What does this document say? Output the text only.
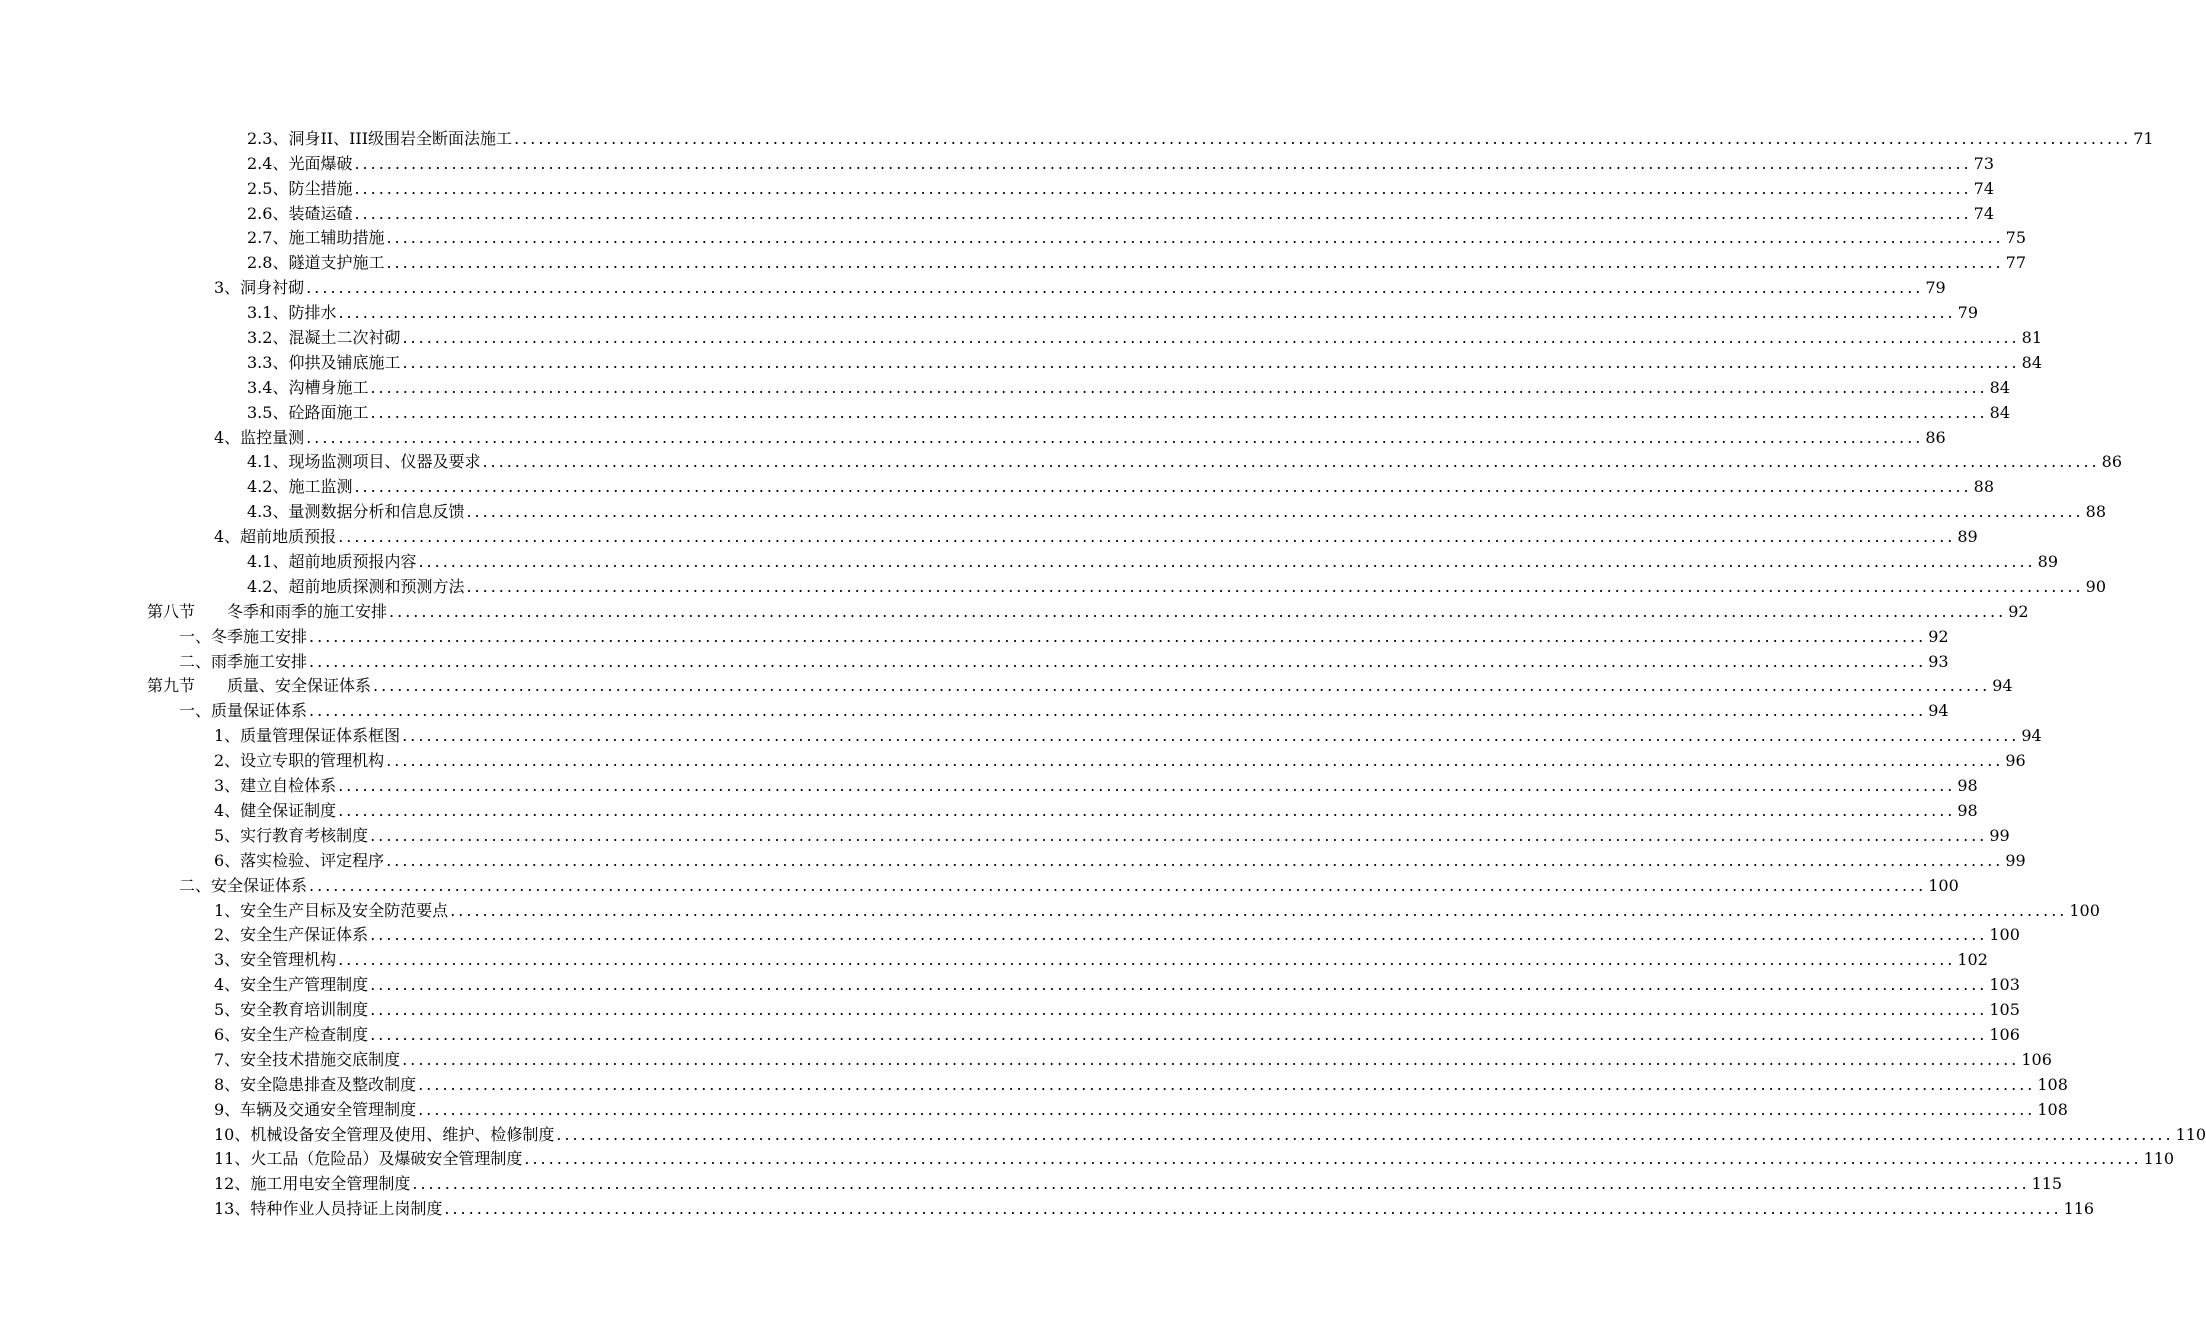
2.3、洞身II、III级围岩全断面法施工 ........................................................................................................................................................................................................ 71
2.4、光面爆破 ........................................................................................................................................................................................................ 73
2.5、防尘措施 ........................................................................................................................................................................................................ 74
2.6、装碴运碴 ........................................................................................................................................................................................................ 74
2.7、施工辅助措施 ........................................................................................................................................................................................................ 75
2.8、隧道支护施工 ........................................................................................................................................................................................................ 77
3、洞身衬砌 ........................................................................................................................................................................................................ 79
3.1、防排水 ........................................................................................................................................................................................................ 79
3.2、混凝土二次衬砌 ........................................................................................................................................................................................................ 81
3.3、仰拱及铺底施工 ........................................................................................................................................................................................................ 84
3.4、沟槽身施工 ........................................................................................................................................................................................................ 84
3.5、砼路面施工 ........................................................................................................................................................................................................ 84
4、监控量测 ........................................................................................................................................................................................................ 86
4.1、现场监测项目、仪器及要求 ........................................................................................................................................................................................................ 86
4.2、施工监测 ........................................................................................................................................................................................................ 88
4.3、量测数据分析和信息反馈 ........................................................................................................................................................................................................ 88
4、超前地质预报 ........................................................................................................................................................................................................ 89
4.1、超前地质预报内容 ........................................................................................................................................................................................................ 89
4.2、超前地质探测和预测方法 ........................................................................................................................................................................................................ 90
第八节　　冬季和雨季的施工安排 ........................................................................................................................................................................................................ 92
一、冬季施工安排 ........................................................................................................................................................................................................ 92
二、雨季施工安排 ........................................................................................................................................................................................................ 93
第九节　　质量、安全保证体系 ........................................................................................................................................................................................................ 94
一、质量保证体系 ........................................................................................................................................................................................................ 94
1、质量管理保证体系框图 ........................................................................................................................................................................................................ 94
2、设立专职的管理机构 ........................................................................................................................................................................................................ 96
3、建立自检体系 ........................................................................................................................................................................................................ 98
4、健全保证制度 ........................................................................................................................................................................................................ 98
5、实行教育考核制度 ........................................................................................................................................................................................................ 99
6、落实检验、评定程序 ........................................................................................................................................................................................................ 99
二、安全保证体系 ........................................................................................................................................................................................................ 100
1、安全生产目标及安全防范要点 ........................................................................................................................................................................................................ 100
2、安全生产保证体系 ........................................................................................................................................................................................................ 100
3、安全管理机构 ........................................................................................................................................................................................................ 102
4、安全生产管理制度 ........................................................................................................................................................................................................ 103
5、安全教育培训制度 ........................................................................................................................................................................................................ 105
6、安全生产检查制度 ........................................................................................................................................................................................................ 106
7、安全技术措施交底制度 ........................................................................................................................................................................................................ 106
8、安全隐患排查及整改制度 ........................................................................................................................................................................................................ 108
9、车辆及交通安全管理制度 ........................................................................................................................................................................................................ 108
10、机械设备安全管理及使用、维护、检修制度 ........................................................................................................................................................................................................ 110
11、火工品（危险品）及爆破安全管理制度 ........................................................................................................................................................................................................ 110
12、施工用电安全管理制度 ........................................................................................................................................................................................................ 115
13、特种作业人员持证上岗制度 ........................................................................................................................................................................................................ 116
